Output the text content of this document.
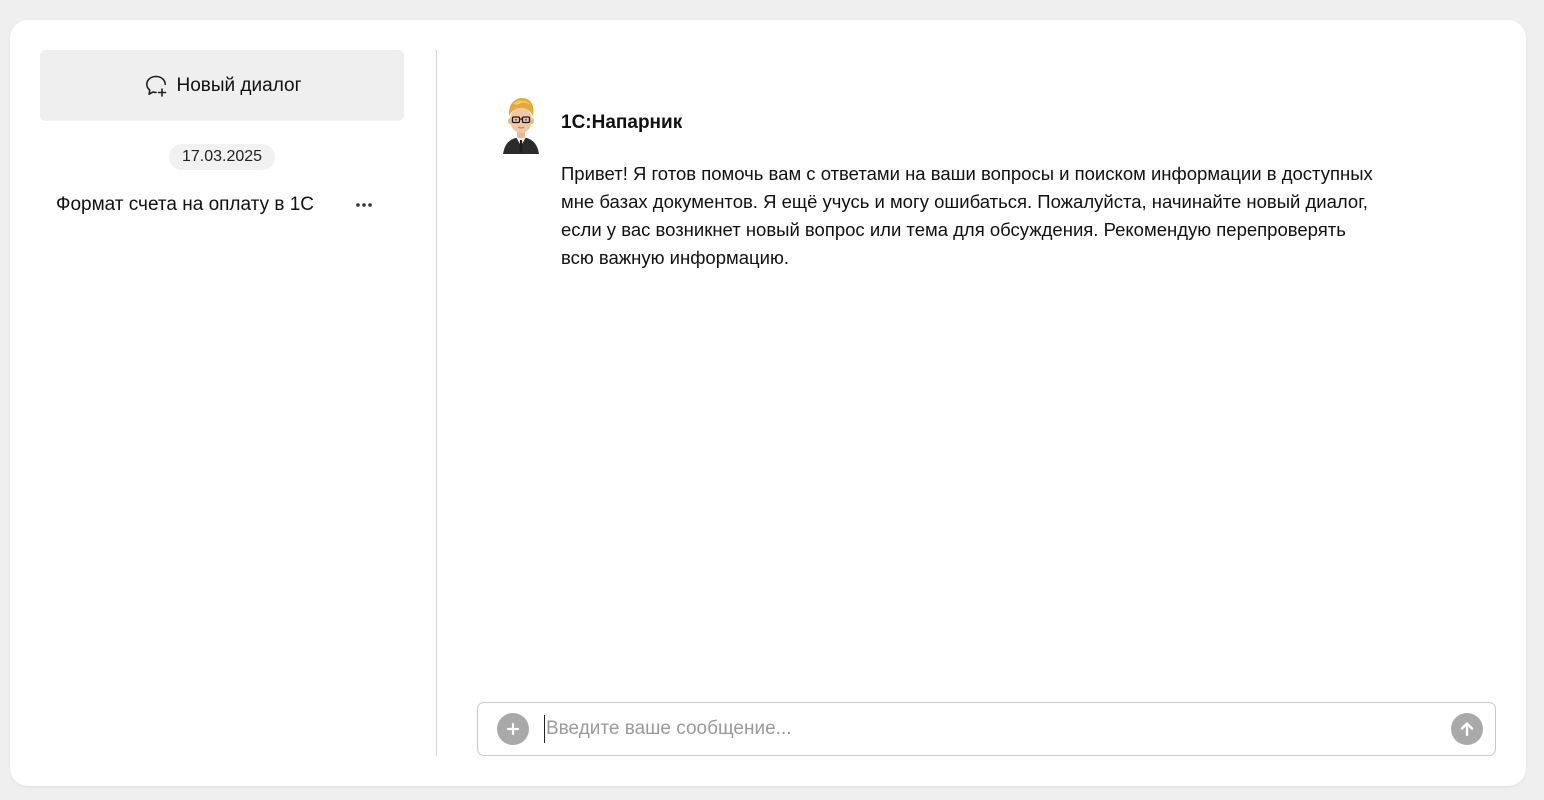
Новый диалог
17.03.2025
Формат счета на оплату в 1С
1С:Напарник
Привет! Я готов помочь вам с ответами на ваши вопросы и поиском информации в доступных мне базах документов. Я ещё учусь и могу ошибаться. Пожалуйста, начинайте новый диалог, если у вас возникнет новый вопрос или тема для обсуждения. Рекомендую перепроверять всю важную информацию.
Введите ваше сообщение...
